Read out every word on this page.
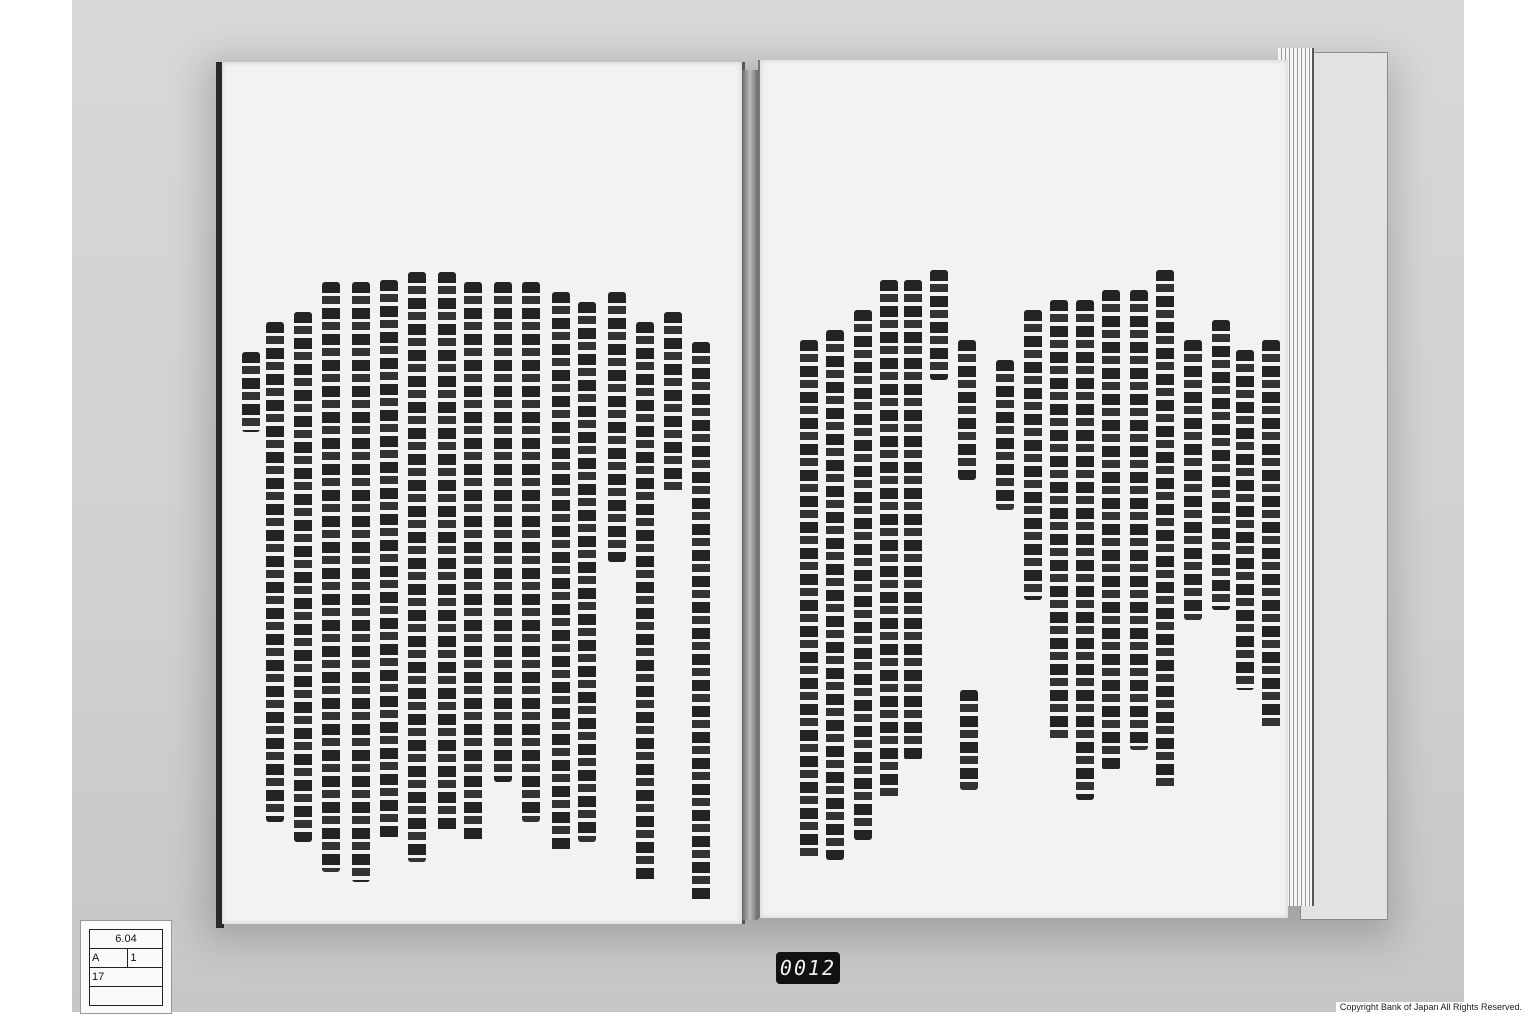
6.04
A	1
17	0012
Copyright Bank of Japan All Rights Reserved.
